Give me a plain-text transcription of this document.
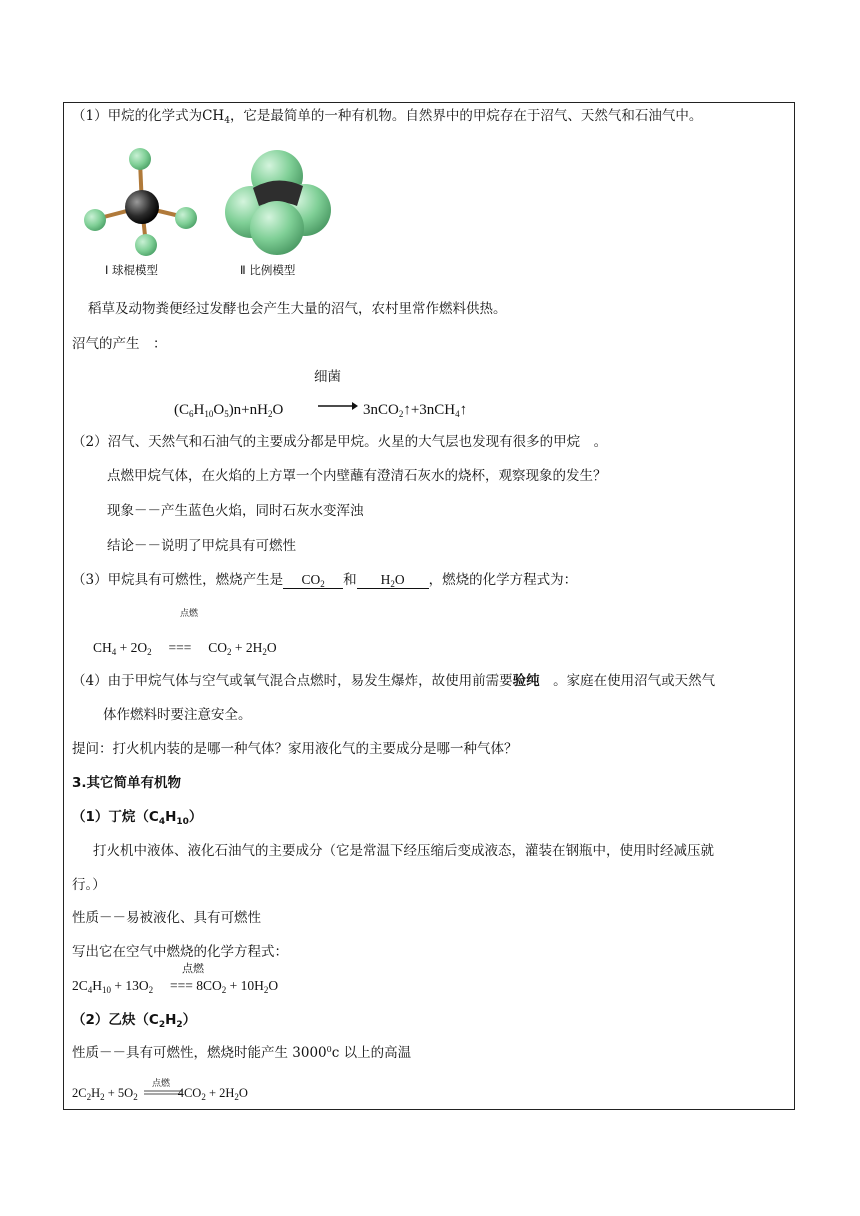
（1）甲烷的化学式为$CH_4$，它是最简单的一种有机物。自然界中的甲烷存在于沼气、天然气和石油气中。
Ⅰ 球棍模型	Ⅱ 比例模型
稻草及动物粪便经过发酵也会产生大量的沼气，农村里常作燃料供热。
沼气的产生　：
细菌
$(C_6H_{10}O_5)n+nH_2O$ → 3nCO$_2$↑+3nCH$_4$↑
（2）沼气、天然气和石油气的主要成分都是甲烷。火星的大气层也发现有很多的甲烷　。
点燃甲烷气体，在火焰的上方罩一个内壁蘸有澄清石灰水的烧杯，观察现象的发生？
现象－－产生蓝色火焰，同时石灰水变浑浊
结论－－说明了甲烷具有可燃性
（3）甲烷具有可燃性，燃烧产生是 $CO_2$ 和 $H_2O$ ，燃烧的化学方程式为：
点燃
$CH_4 + 2O_2$　 ===　 $CO_2 + 2H_2O$
（4）由于甲烷气体与空气或氧气混合点燃时，易发生爆炸，故使用前需要验纯　。家庭在使用沼气或天然气
体作燃料时要注意安全。
提问：打火机内装的是哪一种气体？家用液化气的主要成分是哪一种气体？
3.其它简单有机物
（1）丁烷$(C_4H_{10})$
打火机中液体、液化石油气的主要成分（它是常温下经压缩后变成液态，灌装在钢瓶中，使用时经减压就
行。）
性质－－易被液化、具有可燃性
写出它在空气中燃烧的化学方程式：
点燃
$2C_4H_{10} + 13O_2$　 === $8CO_2 + 10H_2O$
（2）乙炔$(C_2H_2)$
性质－－具有可燃性，燃烧时能产生 3000$^0$c 以上的高温
点燃
$2C_2H_2 + 5O_2$	$4CO_2 + 2H_2O$
